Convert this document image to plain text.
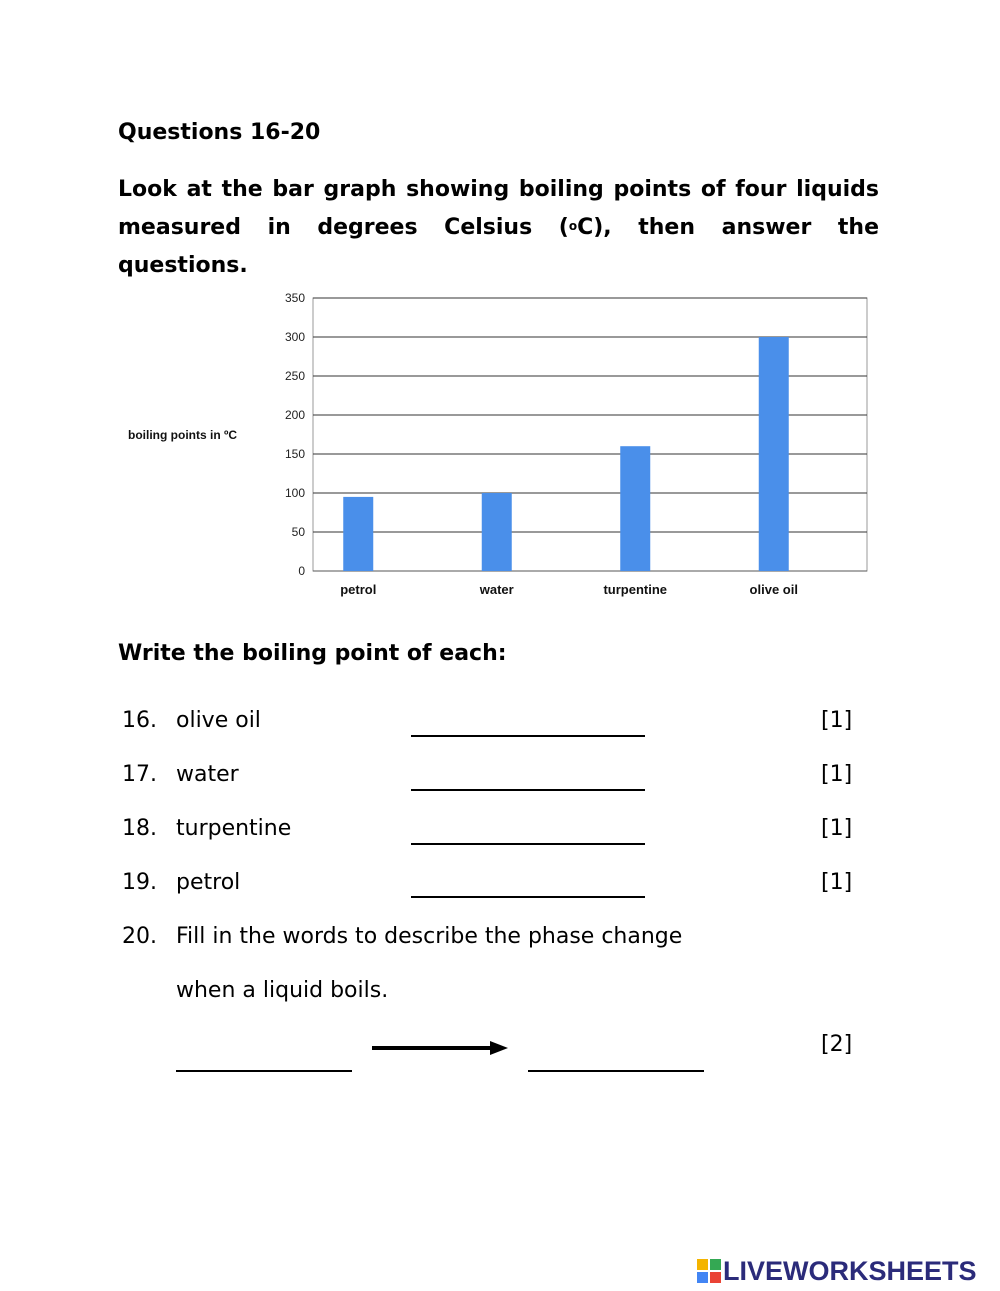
Questions 16-20
Look at the bar graph showing boiling points of four liquids measured in degrees Celsius ($^o$C), then answer the questions.
0
50
100
150
200
250
300
350
boiling points in ºC
petrol	water	turpentine	olive oil
Write the boiling point of each:
16. olive oil	[1]
17. water	[1]
18. turpentine	[1]
19. petrol	[1]
20. Fill in the words to describe the phase change
when a liquid boils.
[2]
LIVEWORKSHEETS
